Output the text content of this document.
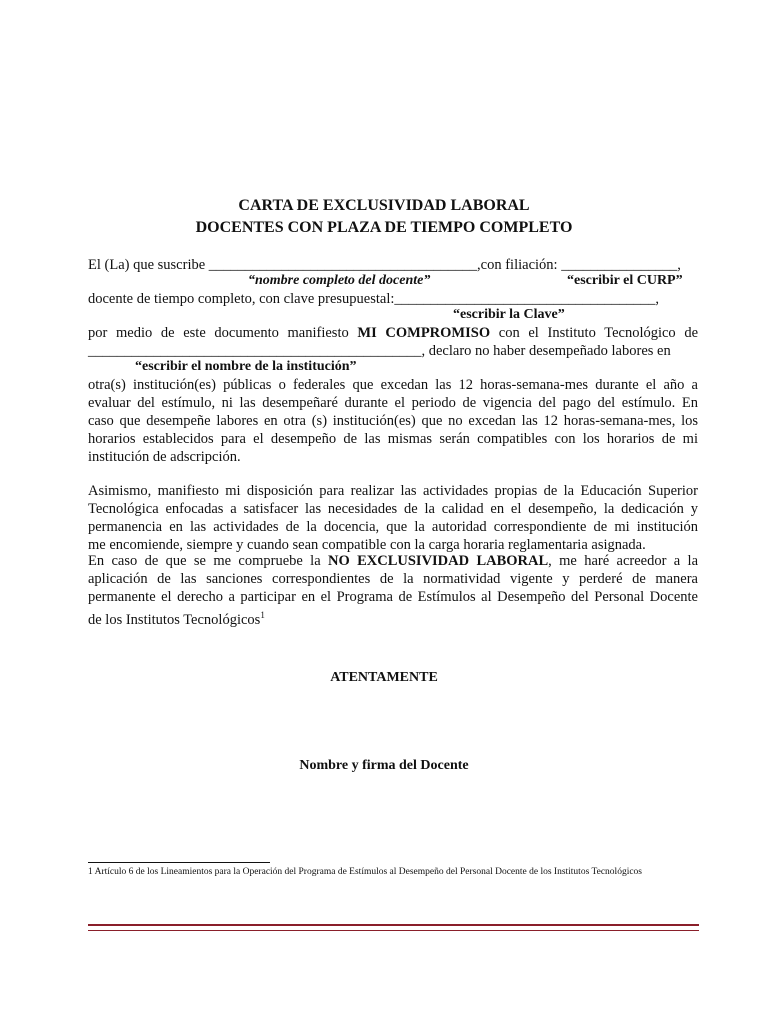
CARTA DE EXCLUSIVIDAD LABORAL
DOCENTES CON PLAZA DE TIEMPO COMPLETO
El (La) que suscribe _____________________________________,con filiación: ________________,
“nombre completo del docente”	“escribir el CURP”
docente de tiempo completo, con clave presupuestal:____________________________________,
“escribir la Clave”
por medio de este documento manifiesto MI COMPROMISO con el Instituto Tecnológico de
______________________________________________, declaro no haber desempeñado labores en
“escribir el nombre de la institución”
otra(s) institución(es) públicas o federales que excedan las 12 horas-semana-mes durante el año a
evaluar del estímulo, ni las desempeñaré durante el periodo de vigencia del pago del estímulo. En
caso que desempeñe labores en otra (s) institución(es) que no excedan las 12 horas-semana-mes, los
horarios establecidos para el desempeño de las mismas serán compatibles con los horarios de mi
institución de adscripción.
Asimismo, manifiesto mi disposición para realizar las actividades propias de la Educación Superior
Tecnológica enfocadas a satisfacer las necesidades de la calidad en el desempeño, la dedicación y
permanencia en las actividades de la docencia, que la autoridad correspondiente de mi institución
me encomiende, siempre y cuando sean compatible con la carga horaria reglamentaria asignada.
En caso de que se me compruebe la NO EXCLUSIVIDAD LABORAL, me haré acreedor a la
aplicación de las sanciones correspondientes de la normatividad vigente y perderé de manera
permanente el derecho a participar en el Programa de Estímulos al Desempeño del Personal Docente
de los Institutos Tecnológicos$^1$
ATENTAMENTE
Nombre y firma del Docente
1 Artículo 6 de los Lineamientos para la Operación del Programa de Estímulos al Desempeño del Personal Docente de los Institutos Tecnológicos
